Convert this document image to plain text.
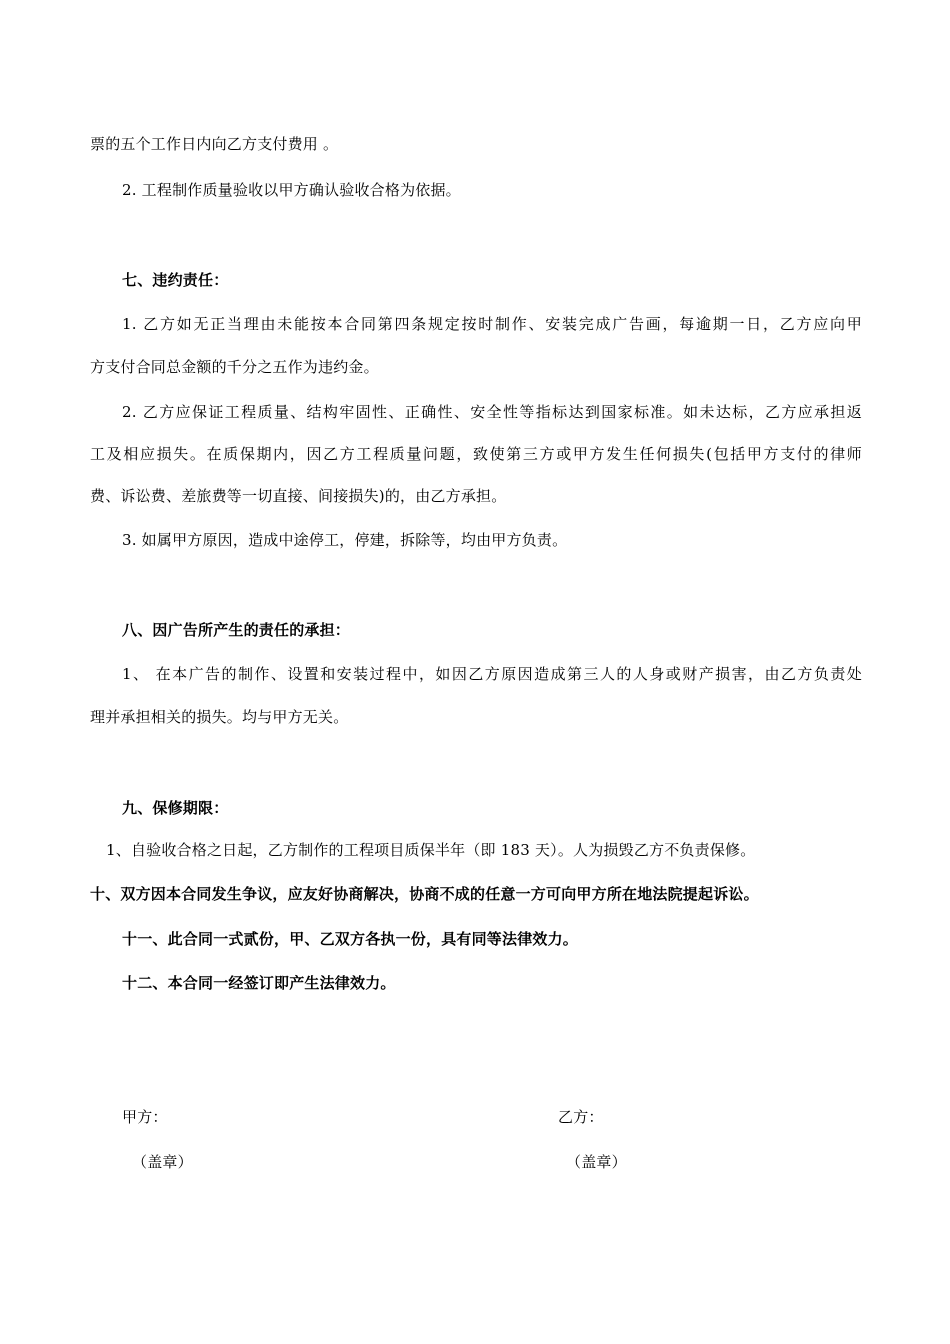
票的五个工作日内向乙方支付费用 。
2. 工程制作质量验收以甲方确认验收合格为依据。
七、违约责任：
1. 乙方如无正当理由未能按本合同第四条规定按时制作、安装完成广告画，每逾期一日，乙方应向甲
方支付合同总金额的千分之五作为违约金。
2. 乙方应保证工程质量、结构牢固性、正确性、安全性等指标达到国家标准。如未达标，乙方应承担返
工及相应损失。在质保期内，因乙方工程质量问题，致使第三方或甲方发生任何损失(包括甲方支付的律师
费、诉讼费、差旅费等一切直接、间接损失)的，由乙方承担。
3. 如属甲方原因，造成中途停工，停建，拆除等，均由甲方负责。
八、因广告所产生的责任的承担：
1、 在本广告的制作、设置和安装过程中，如因乙方原因造成第三人的人身或财产损害，由乙方负责处
理并承担相关的损失。均与甲方无关。
九、保修期限：
1、自验收合格之日起，乙方制作的工程项目质保半年（即 183 天）。人为损毁乙方不负责保修。
十、双方因本合同发生争议，应友好协商解决，协商不成的任意一方可向甲方所在地法院提起诉讼。
十一、此合同一式贰份，甲、乙双方各执一份，具有同等法律效力。
十二、本合同一经签订即产生法律效力。
甲方：
（盖章）
乙方：
（盖章）
